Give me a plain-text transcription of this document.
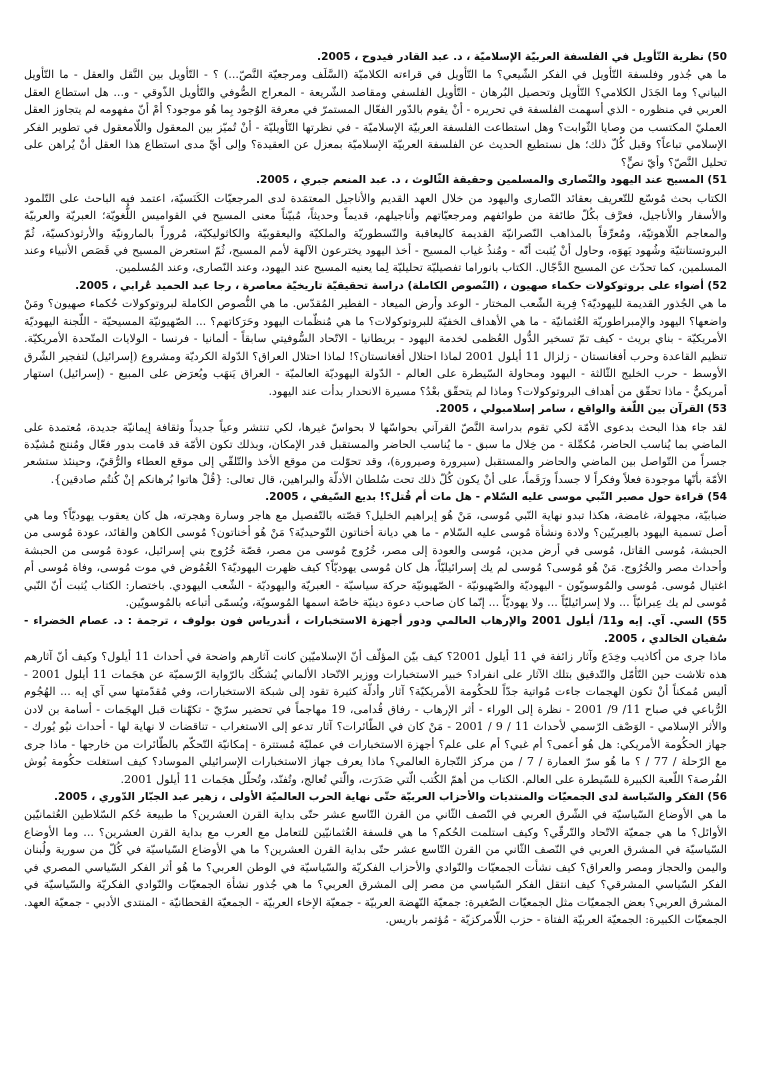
50) نظرية التّأويل في الفلسفة العربيّة الإسلاميّة ، د. عبد القادر فيدوح ، 2005.
ما هي جُذور وفلسفة التّأويل في الفكر الشّيعي؟ ما التّأويل في قراءته الكلاميّة (السَّلَف ومرجعيّة النَّصّ...) ؟ - التّأويل بين النَّقل والعقل - ما التّأويل البياني؟ وما الجَدَل الكلامي؟ التّأويل وتحصيل البُرهان - التّأويل الفلسفي ومقاصد الشّريعة - المعراج الصُّوفي والتّأويل الذّوقي - و... هل استطاع العقل العربي في منظوره - الذي أسهمت الفلسفة في تحريره - أنْ يقوم بالدّور الفعّال المستمرّ في معرفة الوُجود بِما هُو موجود؟ أمْ أنّ مفهومه لم يتجاوز العقل العمليّ المكتسب من وصايا الثّوابت؟ وهل استطاعت الفلسفة العربيّة الإسلاميّة - في نظرتها التّأويليّة - أنْ تُميّز بين المعقول واللّامعقول في تطوير الفكر الإسلامي تباعاً؟ وقبل كُلّ ذلك؛ هل نستطيع الحديث عن الفلسفة العربيّة الإسلاميّة بمعزل عن العقيدة؟ وإلى أيِّ مدى استطاع هذا العقل أنْ يُراهن على تحليل النَّصّ؟ وأيّ نصٍّ؟

51) المسيح عند اليهود والنّصارى والمسلمين وحقيقة الثّالوث ، د. عبد المنعم جبري ، 2005.
الكتاب بحث مُوسّع للتّعريف بعقائد النّصارى واليهود من خلال العهد القديم والأناجيل المعتمَدة لدى المرجعيّات الكَنَسيّة، اعتمد فيه الباحث على التّلمود والأسفار والأناجيل، فعرَّف بكُلّ طائفة من طوائفهم ومرجعيّاتهم وأناجيلهم، قديماً وحديثاً، مُبيّناً معنى المسيح في القواميس اللُّغويّة؛ العبريّة والعربيّة والمعاجم اللّاهوتيّة، ومُعرِّفاً بالمذاهب النّصرانيّة القديمة كاليعاقبة والنّسطوريّة والملكيّة واليعقوبيّة والكاثوليكيّة، مُروراً بالمارونيّة والأرثوذكسيّة، ثُمّ البروتستانتيّة وشُهود يَهوَه، وحاول أنْ يُثبت أنّه - ومُنذُ غياب المسيح - أخذ اليهود يخترعون الآلهة لأمم المسيح، ثُمّ استعرض المسيح في قَصَص الأنبياء وعند المسلمين، كما تحدّث عن المسيح الدَّجّال. الكتاب بانوراما تفصيليّة تحليليّة لِما يعنيه المسيح عند اليهود، وعند النّصارى، وعند المُسلمين.

52) أضواء على بروتوكولات حكماء صهيون ، (النّصوص الكاملة) دراسة تحقيقيّة تاريخيّة معاصرة ، رجا عبد الحميد عُرابي ، 2005.
ما هي الجُذور القديمة لليهوديّة؟ فِرية الشّعب المختار - الوعد وأرض الميعاد - الفطير المُقدّس. ما هي النُّصوص الكاملة لبروتوكولات حُكماء صهيون؟ ومَنْ واضعها؟ اليهود والإمبراطوريّة العُثمانيّة - ما هي الأهداف الخفيّة للبروتوكولات؟ ما هي مُنظّمات اليهود وحَرَكاتهم؟ ... الصّهيونيّة المسيحيّة - اللّجنة اليهوديّة الأمريكيّة - بناي بريث - كيف تمّ تسخير الدُّول العُظمى لخدمة اليهود - بريطانيا - الاتّحاد السُّوفيتي سابقاً - ألمانيا - فرنسا - الولايات المتّحدة الأمريكيّة. تنظيم القاعدة وحرب أفغانستان - زلزال 11 أيلول 2001 لماذا احتلال أفغانستان؟! لماذا احتلال العراق؟ الدّولة الكرديّة ومشروع (إسرائيل) لتفجير الشّرق الأوسط - حرب الخليج الثّالثة - اليهود ومحاولة السّيطرة على العالم - الدّولة اليهوديّة العالميّة - العراق يَنهَب ويُعرَض على المبيع - (إسرائيل) استهار أمريكيٌّ - ماذا تحقّق من أهداف البروتوكولات؟ وماذا لم يتحقّق بعْدُ؟ مسيرة الانحدار بدأت عند اليهود.

53) القرآن بين اللّغة والواقع ، سامر إسلامبولي ، 2005.
لقد جاء هذا البحث بدعوى الأمّة لكي تقوم بدراسة النَّصّ القرآني بحواسّها لا بحواسّ غيرها، لكي تنتشر وعياً جديداً وثقافة إيمانيّة جديدة، مُعتمدة على الماضي بما يُناسب الحاضر، مُكمِّلة - من خِلال ما سبق - ما يُناسب الحاضر والمستقبل قدر الإمكان، وبذلك تكون الأمّة قد قامت بدور فعّال ومُنتج مُشيّدة جسراً من التّواصل بين الماضي والحاضر والمستقبل (سيرورة وصيرورة)، وقد تحوّلت من موقع الأخذ والتّلقّي إلى موقع العطاء والرُّقيّ، وحينئذ ستشعر الأمّة بأنّها موجودة فعلاً وفكراً لا جسداً ورَقَماً، على أنْ يكون كُلّ ذلك تحت سُلطان الأدلّة والبراهين، قال تعالى: {قُلْ هاتوا بُرهانكم إنْ كُنتُم صادقين}.

54) قراءة حول مصير النّبي موسى عليه السّلام - هل مات أم قُتل؟! بديع السّيفي ، 2005.
ضبابيّة، مجهولة، غامضة، هكذا تبدو نهاية النّبي مُوسى، مَنْ هُو إبراهيم الخليل؟ قصّته بالتّفصيل مع هاجر وسارة وهجرته، هل كان يعقوب يهوديّاً؟ وما هي أصل تسمية اليهود بالعِبريّين؟ ولادة ونشأة مُوسى عليه السّلام - ما هي ديانة أخناتون التّوحيديّة؟ مَنْ هُو أخناتون؟ مُوسى الكاهن والقائد، عودة مُوسى من الحبشة، مُوسى القاتل، مُوسى في أرض مدين، مُوسى والعودة إلى مصر، خُرُوج مُوسى من مصر، قصّة خُرُوج بني إسرائيل، عودة مُوسى من الحبشة وأحداث مصر والخُرُوج. مَنْ هُو مُوسى؟ مُوسى لم يك إسرائيليّاً، هل كان مُوسى يهوديّاً؟ كيف ظهرت اليهوديّة؟ الغُمُوض في موت مُوسى، وفاة مُوسى أم اغتيال مُوسى. مُوسى والمُوسويّون - اليهوديّة والصّهيونيّة - الصّهيونيّة حركة سياسيّة - العبريّة واليهوديّة - الشّعب اليهودي. باختصار: الكتاب يُثبت أنّ النّبي مُوسى لم يك عِبرانيّاً ... ولا إسرائيليّاً ... ولا يهوديّاً ... إنّما كان صاحب دعوة دينيّة خاصّة اسمها المُوسويّة، ويُسمّى أتباعه بالمُوسويّين.

55) السي. آي. إيه و11/ أيلول 2001 والإرهاب العالمي ودور أجهزة الاستخبارات ، أندرياس فون بولوف ، ترجمة : د. عصام الخضراء - سُفيان الخالدي ، 2005.
ماذا جرى من أكاذيب وخِدَع وآثار زائفة في 11 أيلول 2001؟ كيف بيّن المؤلّف أنّ الإسلاميّين كانت آثارهم واضحة في أحداث 11 أيلول؟ وكيف أنّ آثارهم هذه تلاشت حين التّأمّل والتّدقيق بتلك الآثار على انفراد؟ خبير الاستخبارات ووزير الاتّحاد الألماني يُشكّك بالرّواية الرّسميّة عن هجَمات 11 أيلول 2001 - أليس مُمكناً أنْ تكون الهجمات جاءت مُواتية جدّاً للحكُومة الأمريكيّة؟ آثار وأدلّة كثيرة تقود إلى شبكة الاستخبارات، وفي مُقدّمتها سي آي إيه ... الهُجُوم الرُّباعي في صباح 11/ 9/ 2001 - نظرة إلى الوراء - أثر الإرهاب - رفاق قُدامى، 19 مهاجماً في تحضير سرّيّ - تكهّنات قبل الهجَمات - أسامة بن لادن والأثر الإسلامي - الوَصْف الرّسمي لأحداث 11 / 9 / 2001 - مَنْ كان في الطّائرات؟ آثار تدعو إلى الاستغراب - تناقضات لا نهاية لها - أحداث نيُو يُورك - جهاز الحكُومة الأمريكي: هل هُو أعمى؟ أم غبي؟ أم على علم؟ أجهزة الاستخبارات في عمليّة مُستترة - إمكانيّة التّحكّم بالطّائرات من خارجها - ماذا جرى مع الرّحلة / 77 / ؟ ما هُو سرّ العمارة / 7 / من مركز التّجارة العالمي؟ ماذا يعرف جهاز الاستخبارات الإسرائيلي الموساد؟ كيف استغلت حكُومة بُوش الفُرصة؟ اللّعبة الكبيرة للسّيطرة على العالم. الكتاب من أهمّ الكُتب الّتي صَدَرَت، والّتي تُعالج، وتُفنّد، وتُحلّل هجَمات 11 أيلول 2001.

56) الفكر والسّياسة لدى الجمعيّات والمنتديات والأحزاب العربيّة حتّى نهاية الحرب العالميّة الأولى ، زهير عبد الجبّار الدّوري ، 2005.
ما هي الأوضاع السّياسيّة في الشّرق العربي في النّصف الثّاني من القرن التّاسع عشر حتّى بداية القرن العشرين؟ ما طبيعة حُكم السّلاطين العُثمانيّين الأوائل؟ ما هي جمعيّة الاتّحاد والتّرقّي؟ وكيف استلمت الحُكم؟ ما هي فلسفة العُثمانيّين للتعامل مع العرب مع بداية القرن العشرين؟ ... وما الأوضاع السّياسيّة في المشرق العربي في النّصف الثّاني من القرن التّاسع عشر حتّى بداية القرن العشرين؟ ما هي الأوضاع السّياسيّة في كُلّ من سورية ولُبنان واليمن والحجاز ومصر والعراق؟ كيف نشأت الجمعيّات والنّوادي والأحزاب الفكريّة والسّياسيّة في الوطن العربي؟ ما هُو أثر الفكر السّياسي المصري في الفكر السّياسي المشرقي؟ كيف انتقل الفكر السّياسي من مصر إلى المشرق العربي؟ ما هي جُذور نشأة الجمعيّات والنّوادي الفكريّة والسّياسيّة في المشرق العربي؟ بعض الجمعيّات مثل الجمعيّات الصّغيرة: جمعيّة النّهضة العربيّة - جمعيّة الإخاء العربيّة - الجمعيّة القحطانيّة - المنتدى الأدبي - جمعيّة العهد. الجمعيّات الكبيرة: الجمعيّة العربيّة الفتاة - حزب اللّامركزيّة - مُؤتمر باريس.
